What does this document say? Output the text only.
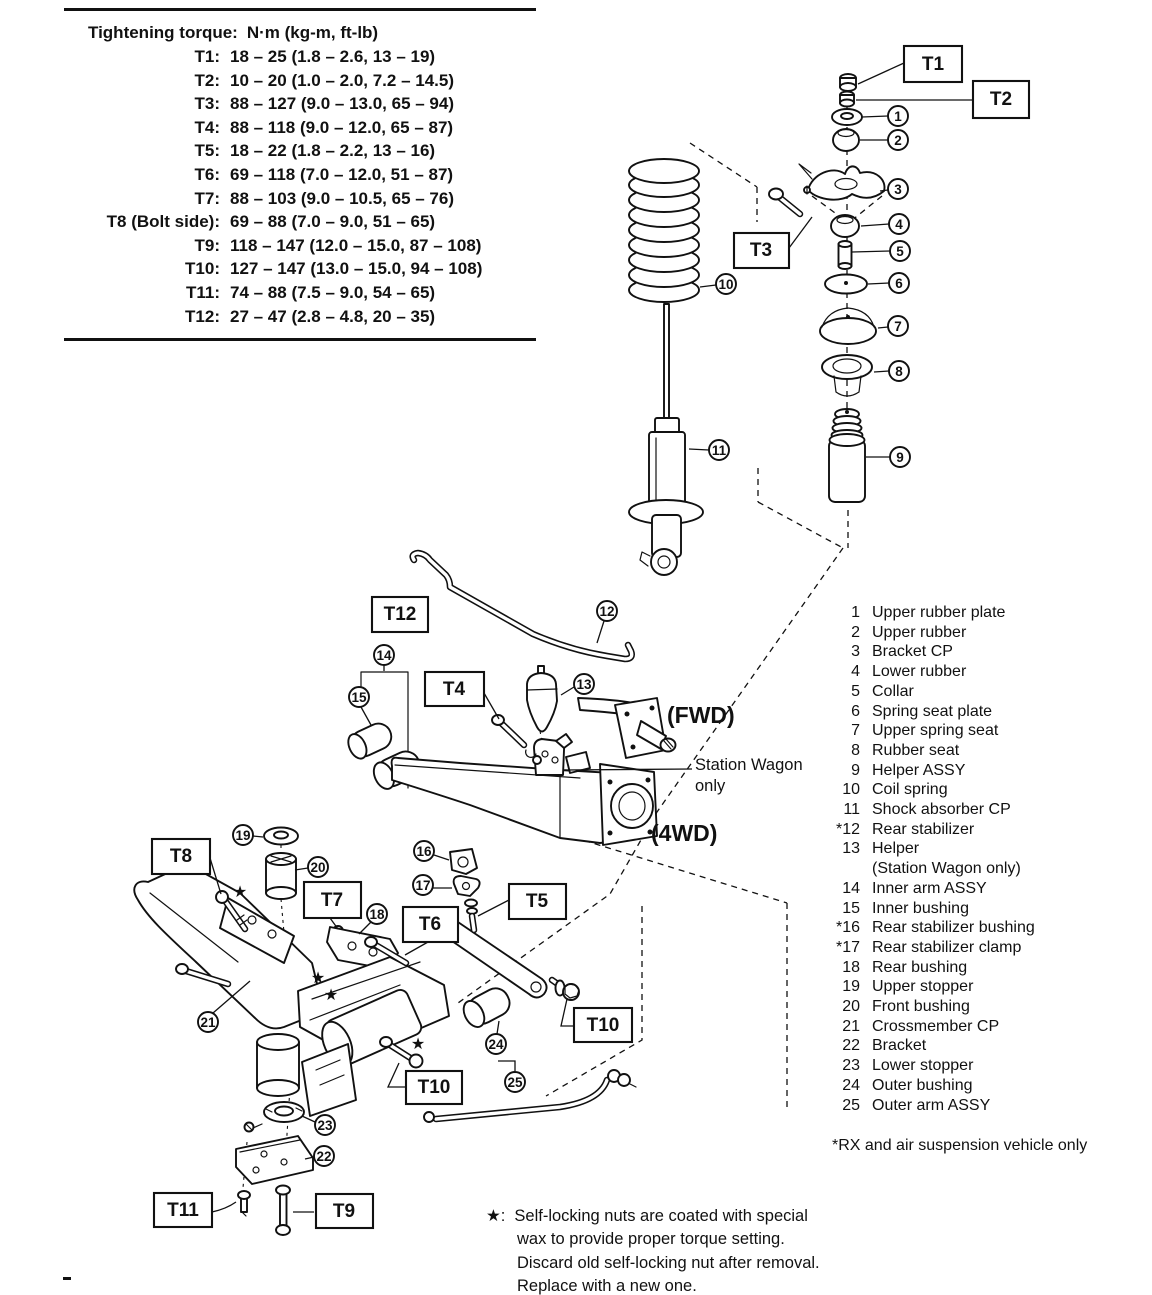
★
★
★
★
T1
T2
T3
T12
T4
T5
T6
T7
T8
T10
T10
T11	T9
1
2
3
4
5
6
7
8
9
10
11
12
13
14
15
16
17
18
19
20
21
22
23
24
25
Tightening torque: N·m (kg-m, ft-lb)
T1: 18 – 25 (1.8 – 2.6, 13 – 19)
T2: 10 – 20 (1.0 – 2.0, 7.2 – 14.5)
T3: 88 – 127 (9.0 – 13.0, 65 – 94)
T4: 88 – 118 (9.0 – 12.0, 65 – 87)
T5: 18 – 22 (1.8 – 2.2, 13 – 16)
T6: 69 – 118 (7.0 – 12.0, 51 – 87)
T7: 88 – 103 (9.0 – 10.5, 65 – 76)
T8 (Bolt side): 69 – 88 (7.0 – 9.0, 51 – 65)
T9: 118 – 147 (12.0 – 15.0, 87 – 108)
T10: 127 – 147 (13.0 – 15.0, 94 – 108)
T11: 74 – 88 (7.5 – 9.0, 54 – 65)
T12: 27 – 47 (2.8 – 4.8, 20 – 35)
1 Upper rubber plate
2 Upper rubber
3 Bracket CP
4 Lower rubber
5 Collar
6 Spring seat plate
7 Upper spring seat
8 Rubber seat
9 Helper ASSY
10 Coil spring
11 Shock absorber CP
*12 Rear stabilizer
13 Helper
(Station Wagon only)
14 Inner arm ASSY
15 Inner bushing
*16 Rear stabilizer bushing
*17 Rear stabilizer clamp
18 Rear bushing
19 Upper stopper
20 Front bushing
21 Crossmember CP
22 Bracket
23 Lower stopper
24 Outer bushing
25 Outer arm ASSY
*RX and air suspension vehicle only
★: Self-locking nuts are coated with special
wax to provide proper torque setting.
Discard old self-locking nut after removal.
Replace with a new one.
(FWD)
(4WD)
Station Wagon
only
